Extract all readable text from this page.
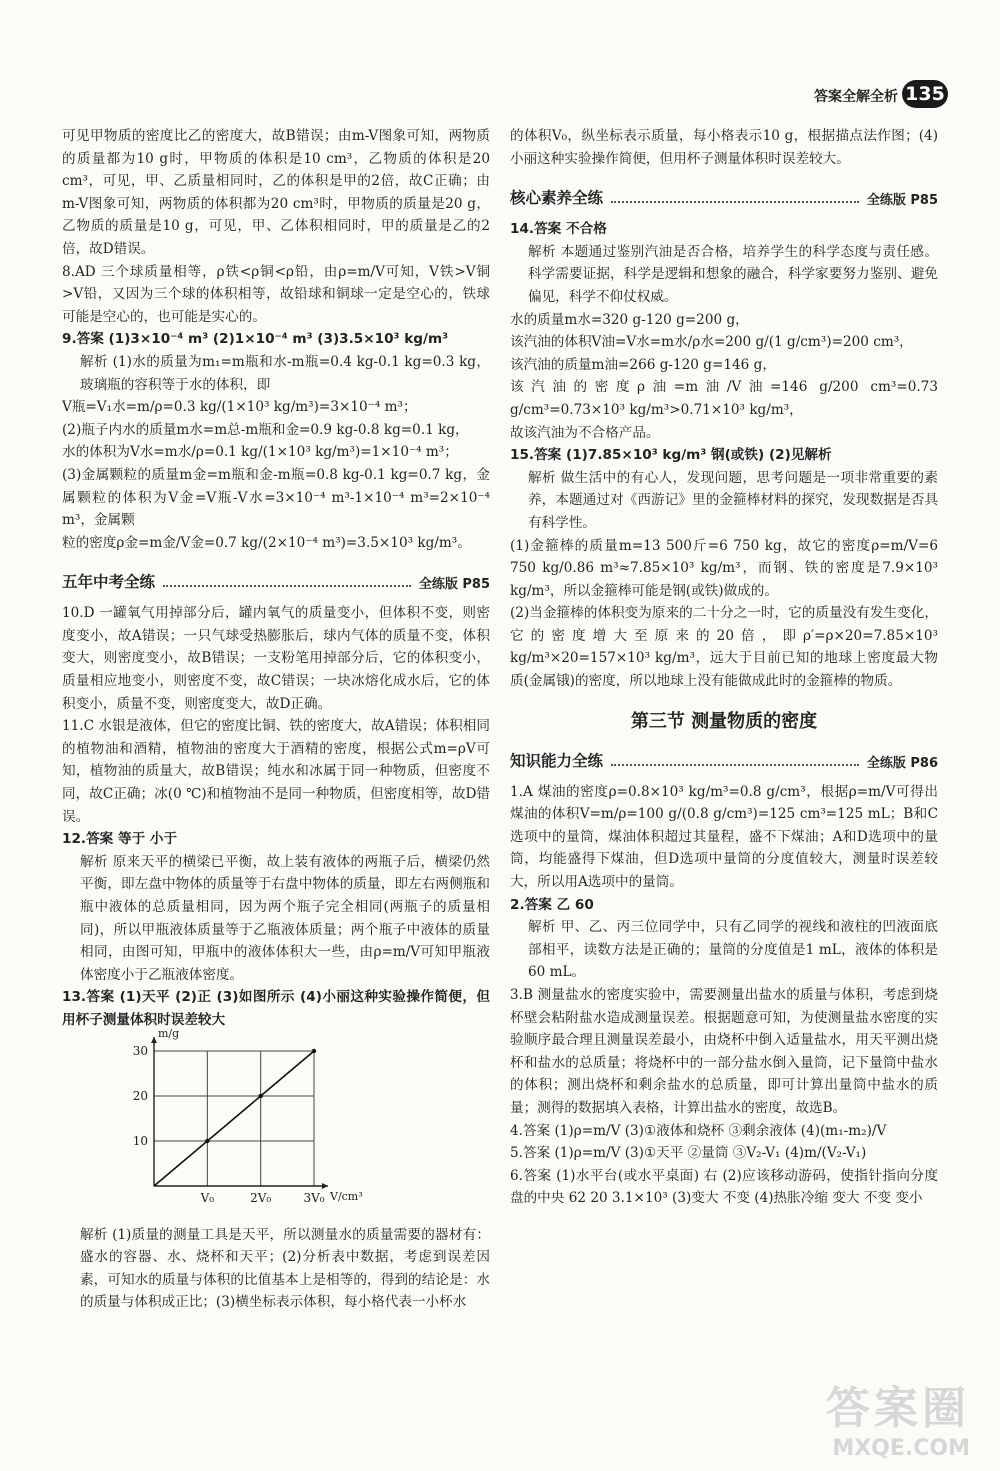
答案全解全析 135

可见甲物质的密度比乙的密度大，故B错误；由m-V图象可知，两物质的质量都为10 g时，甲物质的体积是10 cm³，乙物质的体积是20 cm³，可见，甲、乙质量相同时，乙的体积是甲的2倍，故C正确；由m-V图象可知，两物质的体积都为20 cm³时，甲物质的质量是20 g，乙物质的质量是10 g，可见，甲、乙体积相同时，甲的质量是乙的2倍，故D错误。

8.AD 三个球质量相等，ρ铁<ρ铜<ρ铅，由ρ=m/V可知，V铁>V铜>V铅，又因为三个球的体积相等，故铅球和铜球一定是空心的，铁球可能是空心的，也可能是实心的。

9.答案 (1)3×10⁻⁴ m³ (2)1×10⁻⁴ m³ (3)3.5×10³ kg/m³

解析 (1)水的质量为m₁=m瓶和水-m瓶=0.4 kg-0.1 kg=0.3 kg，玻璃瓶的容积等于水的体积，即

V瓶=V₁水=m/ρ=0.3 kg/(1×10³ kg/m³)=3×10⁻⁴ m³；

(2)瓶子内水的质量m水=m总-m瓶和金=0.9 kg-0.8 kg=0.1 kg，

水的体积为V水=m水/ρ=0.1 kg/(1×10³ kg/m³)=1×10⁻⁴ m³；

(3)金属颗粒的质量m金=m瓶和金-m瓶=0.8 kg-0.1 kg=0.7 kg，金属颗粒的体积为V金=V瓶-V水=3×10⁻⁴ m³-1×10⁻⁴ m³=2×10⁻⁴ m³，金属颗

粒的密度ρ金=m金/V金=0.7 kg/(2×10⁻⁴ m³)=3.5×10³ kg/m³。

五年中考全练	全练版 P85

10.D 一罐氧气用掉部分后，罐内氧气的质量变小，但体积不变，则密度变小，故A错误；一只气球受热膨胀后，球内气体的质量不变，体积变大，则密度变小，故B错误；一支粉笔用掉部分后，它的体积变小，质量相应地变小，则密度不变，故C错误；一块冰熔化成水后，它的体积变小，质量不变，则密度变大，故D正确。

11.C 水银是液体，但它的密度比铜、铁的密度大，故A错误；体积相同的植物油和酒精，植物油的密度大于酒精的密度，根据公式m=ρV可知，植物油的质量大，故B错误；纯水和冰属于同一种物质，但密度不同，故C正确；冰(0 ℃)和植物油不是同一种物质，但密度相等，故D错误。

12.答案 等于 小于

解析 原来天平的横梁已平衡，故上装有液体的两瓶子后，横梁仍然平衡，即左盘中物体的质量等于右盘中物体的质量，即左右两侧瓶和瓶中液体的总质量相同，因为两个瓶子完全相同(两瓶子的质量相同)，所以甲瓶液体质量等于乙瓶液体质量；两个瓶子中液体的质量相同，由图可知，甲瓶中的液体体积大一些，由ρ=m/V可知甲瓶液体密度小于乙瓶液体密度。

13.答案 (1)天平 (2)正 (3)如图所示 (4)小丽这种实验操作简便，但用杯子测量体积时误差较大

V₀	2V₀	3V₀
10
20
30
V/cm³
m/g

解析 (1)质量的测量工具是天平，所以测量水的质量需要的器材有：盛水的容器、水、烧杯和天平；(2)分析表中数据，考虑到误差因素，可知水的质量与体积的比值基本上是相等的，得到的结论是：水的质量与体积成正比；(3)横坐标表示体积，每小格代表一小杯水

的体积V₀，纵坐标表示质量，每小格表示10 g，根据描点法作图；(4)小丽这种实验操作简便，但用杯子测量体积时误差较大。

核心素养全练	全练版 P85

14.答案 不合格

解析 本题通过鉴别汽油是否合格，培养学生的科学态度与责任感。科学需要证据，科学是逻辑和想象的融合，科学家要努力鉴别、避免偏见，科学不仰仗权威。

水的质量m水=320 g-120 g=200 g，

该汽油的体积V油=V水=m水/ρ水=200 g/(1 g/cm³)=200 cm³，

该汽油的质量m油=266 g-120 g=146 g，

该汽油的密度ρ油=m油/V油=146 g/200 cm³=0.73 g/cm³=0.73×10³ kg/m³>0.71×10³ kg/m³，

故该汽油为不合格产品。

15.答案 (1)7.85×10³ kg/m³ 钢(或铁) (2)见解析

解析 做生活中的有心人，发现问题，思考问题是一项非常重要的素养，本题通过对《西游记》里的金箍棒材料的探究，发现数据是否具有科学性。

(1)金箍棒的质量m=13 500斤=6 750 kg，故它的密度ρ=m/V=6 750 kg/0.86 m³≈7.85×10³ kg/m³，而钢、铁的密度是7.9×10³ kg/m³，所以金箍棒可能是钢(或铁)做成的。

(2)当金箍棒的体积变为原来的二十分之一时，它的质量没有发生变化，它的密度增大至原来的20倍，即ρ′=ρ×20=7.85×10³ kg/m³×20=157×10³ kg/m³，远大于目前已知的地球上密度最大物质(金属锇)的密度，所以地球上没有能做成此时的金箍棒的物质。

第三节 测量物质的密度
知识能力全练	全练版 P86

1.A 煤油的密度ρ=0.8×10³ kg/m³=0.8 g/cm³，根据ρ=m/V可得出煤油的体积V=m/ρ=100 g/(0.8 g/cm³)=125 cm³=125 mL；B和C选项中的量筒，煤油体积超过其量程，盛不下煤油；A和D选项中的量筒，均能盛得下煤油，但D选项中量筒的分度值较大，测量时误差较大，所以用A选项中的量筒。

2.答案 乙 60

解析 甲、乙、丙三位同学中，只有乙同学的视线和液柱的凹液面底部相平，读数方法是正确的；量筒的分度值是1 mL，液体的体积是60 mL。

3.B 测量盐水的密度实验中，需要测量出盐水的质量与体积，考虑到烧杯壁会粘附盐水造成测量误差。根据题意可知，为使测量盐水密度的实验顺序最合理且测量误差最小，由烧杯中倒入适量盐水，用天平测出烧杯和盐水的总质量；将烧杯中的一部分盐水倒入量筒，记下量筒中盐水的体积；测出烧杯和剩余盐水的总质量，即可计算出量筒中盐水的质量；测得的数据填入表格，计算出盐水的密度，故选B。

4.答案 (1)ρ=m/V (3)①液体和烧杯 ③剩余液体 (4)(m₁-m₂)/V

5.答案 (1)ρ=m/V (3)①天平 ②量筒 ③V₂-V₁ (4)m/(V₂-V₁)

6.答案 (1)水平台(或水平桌面) 右 (2)应该移动游码，使指针指向分度盘的中央 62 20 3.1×10³ (3)变大 不变 (4)热胀冷缩 变大 不变 变小

答案圈
MXQE.COM
